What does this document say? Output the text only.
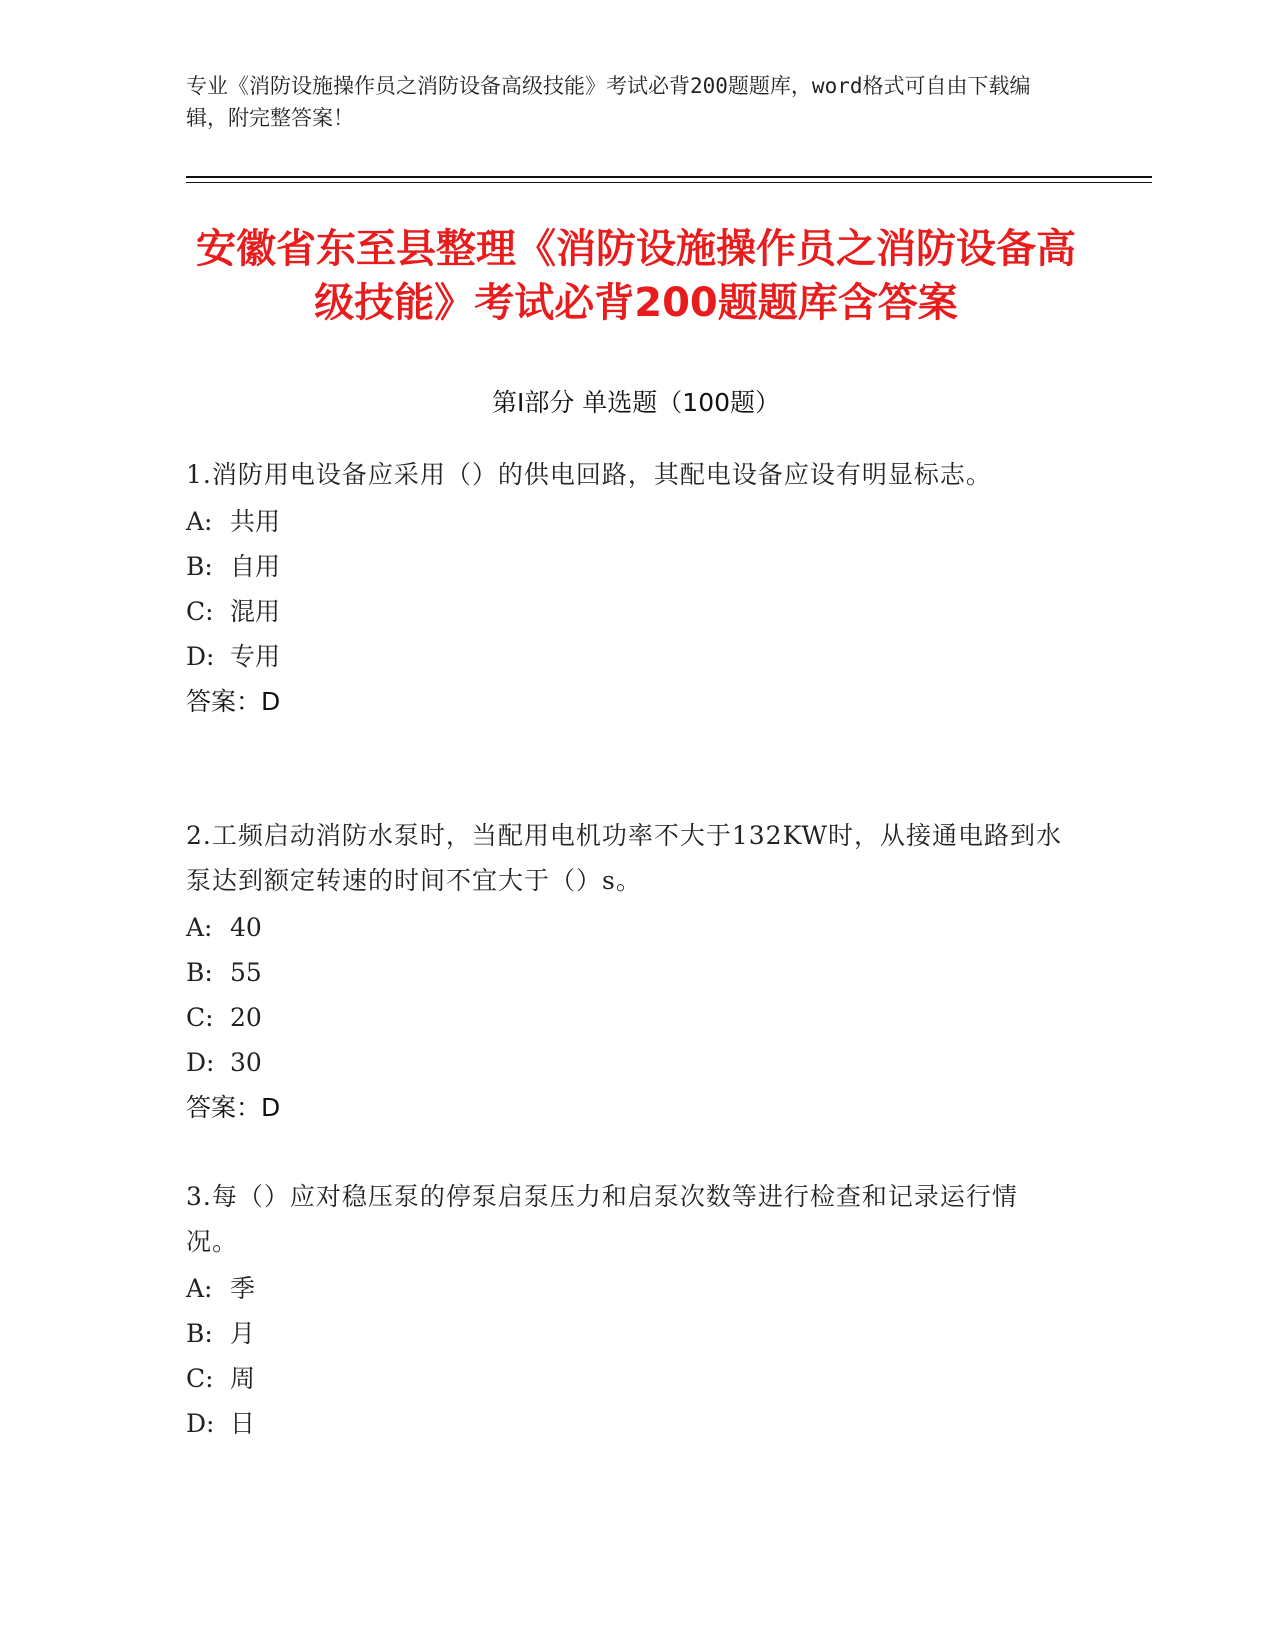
专业《消防设施操作员之消防设备高级技能》考试必背200题题库，word格式可自由下载编辑，附完整答案！
安徽省东至县整理《消防设施操作员之消防设备高级技能》考试必背200题题库含答案
第I部分 单选题（100题）
1.消防用电设备应采用（）的供电回路，其配电设备应设有明显标志。
A: 共用
B: 自用
C: 混用
D: 专用
答案：D
2.工频启动消防水泵时，当配用电机功率不大于132KW时，从接通电路到水泵达到额定转速的时间不宜大于（）s。
A: 40
B: 55
C: 20
D: 30
答案：D
3.每（）应对稳压泵的停泵启泵压力和启泵次数等进行检查和记录运行情况。
A: 季
B: 月
C: 周
D: 日
